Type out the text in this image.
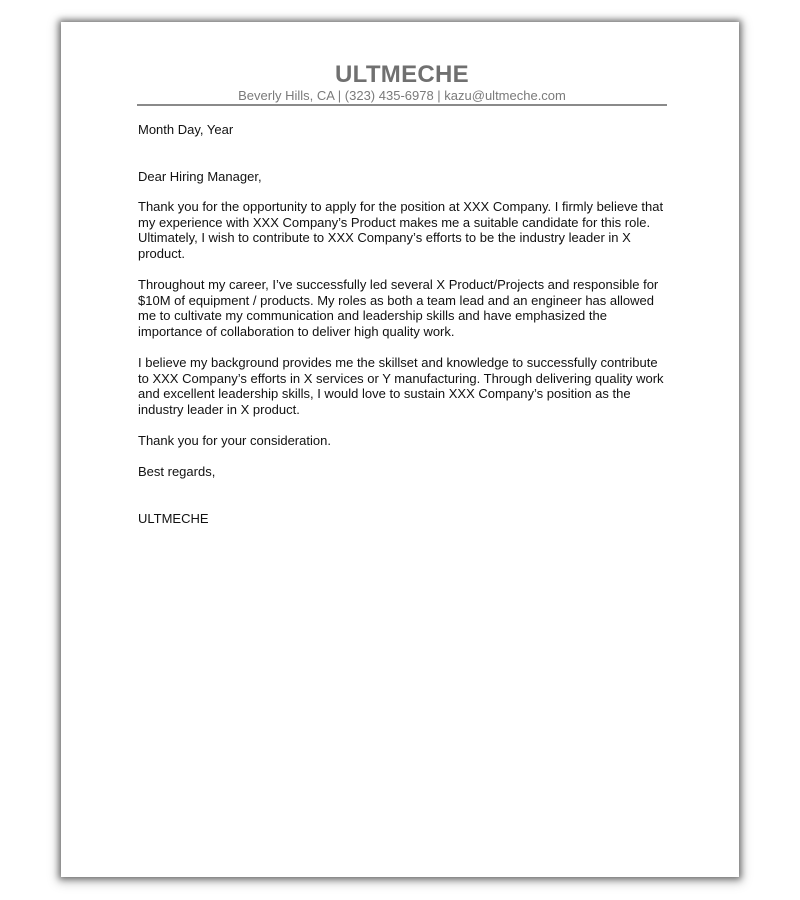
ULTMECHE
Beverly Hills, CA | (323) 435-6978 | kazu@ultmeche.com

Month Day, Year

Dear Hiring Manager,

Thank you for the opportunity to apply for the position at XXX Company. I firmly believe that my experience with XXX Company’s Product makes me a suitable candidate for this role. Ultimately, I wish to contribute to XXX Company’s efforts to be the industry leader in X product.

Throughout my career, I’ve successfully led several X Product/Projects and responsible for $10M of equipment / products. My roles as both a team lead and an engineer has allowed me to cultivate my communication and leadership skills and have emphasized the importance of collaboration to deliver high quality work.

I believe my background provides me the skillset and knowledge to successfully contribute to XXX Company’s efforts in X services or Y manufacturing. Through delivering quality work and excellent leadership skills, I would love to sustain XXX Company’s position as the industry leader in X product.

Thank you for your consideration.

Best regards,

ULTMECHE
